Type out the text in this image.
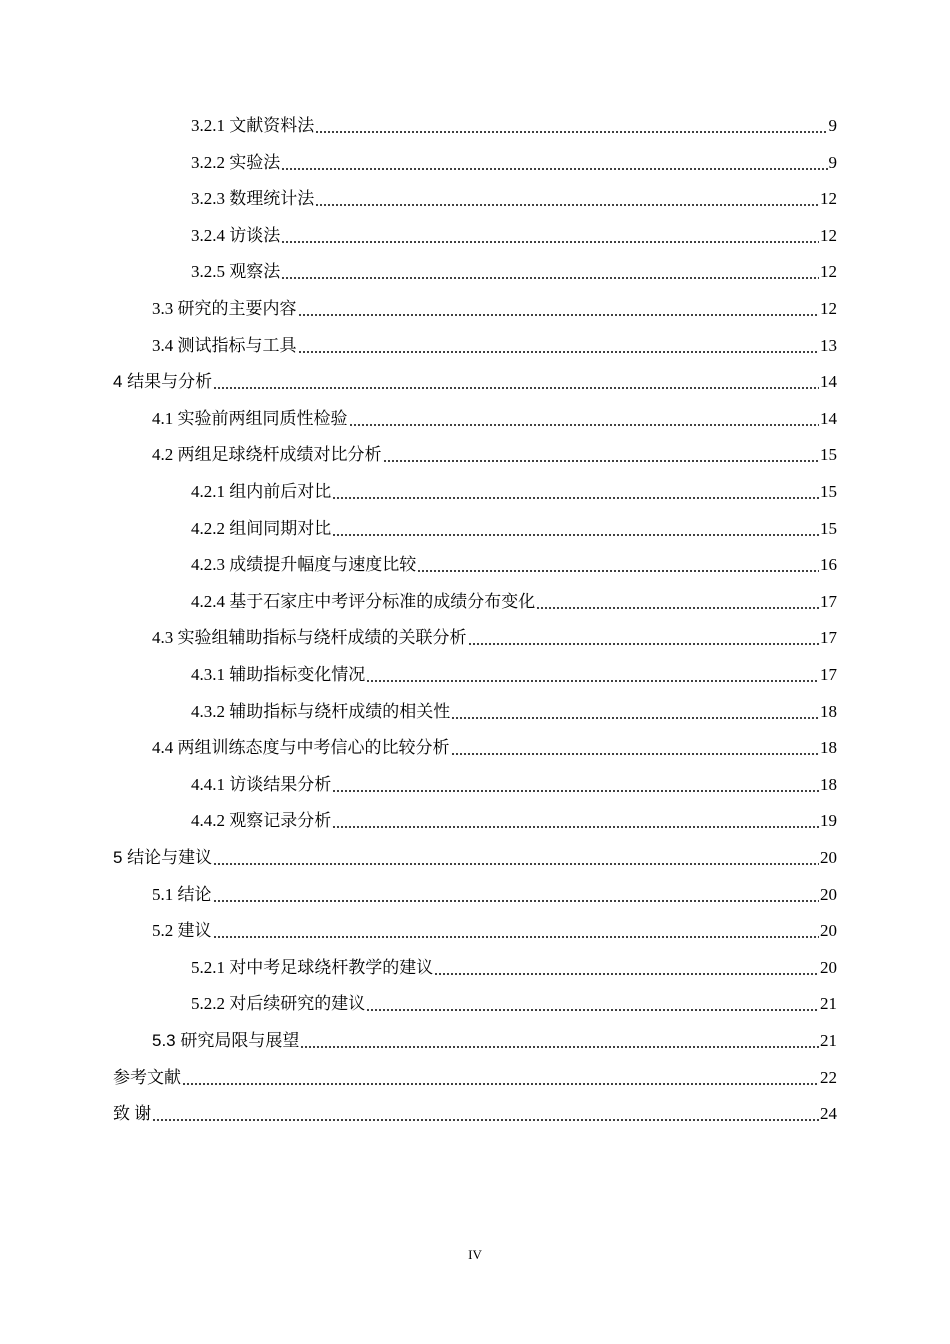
3.2.1 文献资料法	9
3.2.2 实验法	9
3.2.3 数理统计法	12
3.2.4 访谈法	12
3.2.5 观察法	12
3.3 研究的主要内容	12
3.4 测试指标与工具	13
4 结果与分析	14
4.1 实验前两组同质性检验	14
4.2 两组足球绕杆成绩对比分析	15
4.2.1 组内前后对比	15
4.2.2 组间同期对比	15
4.2.3 成绩提升幅度与速度比较	16
4.2.4 基于石家庄中考评分标准的成绩分布变化	17
4.3 实验组辅助指标与绕杆成绩的关联分析	17
4.3.1 辅助指标变化情况	17
4.3.2 辅助指标与绕杆成绩的相关性	18
4.4 两组训练态度与中考信心的比较分析	18
4.4.1 访谈结果分析	18
4.4.2 观察记录分析	19
5 结论与建议	20
5.1 结论	20
5.2 建议	20
5.2.1 对中考足球绕杆教学的建议	20
5.2.2 对后续研究的建议	21
5.3 研究局限与展望	21
参考文献	22
致 谢	24
IV
